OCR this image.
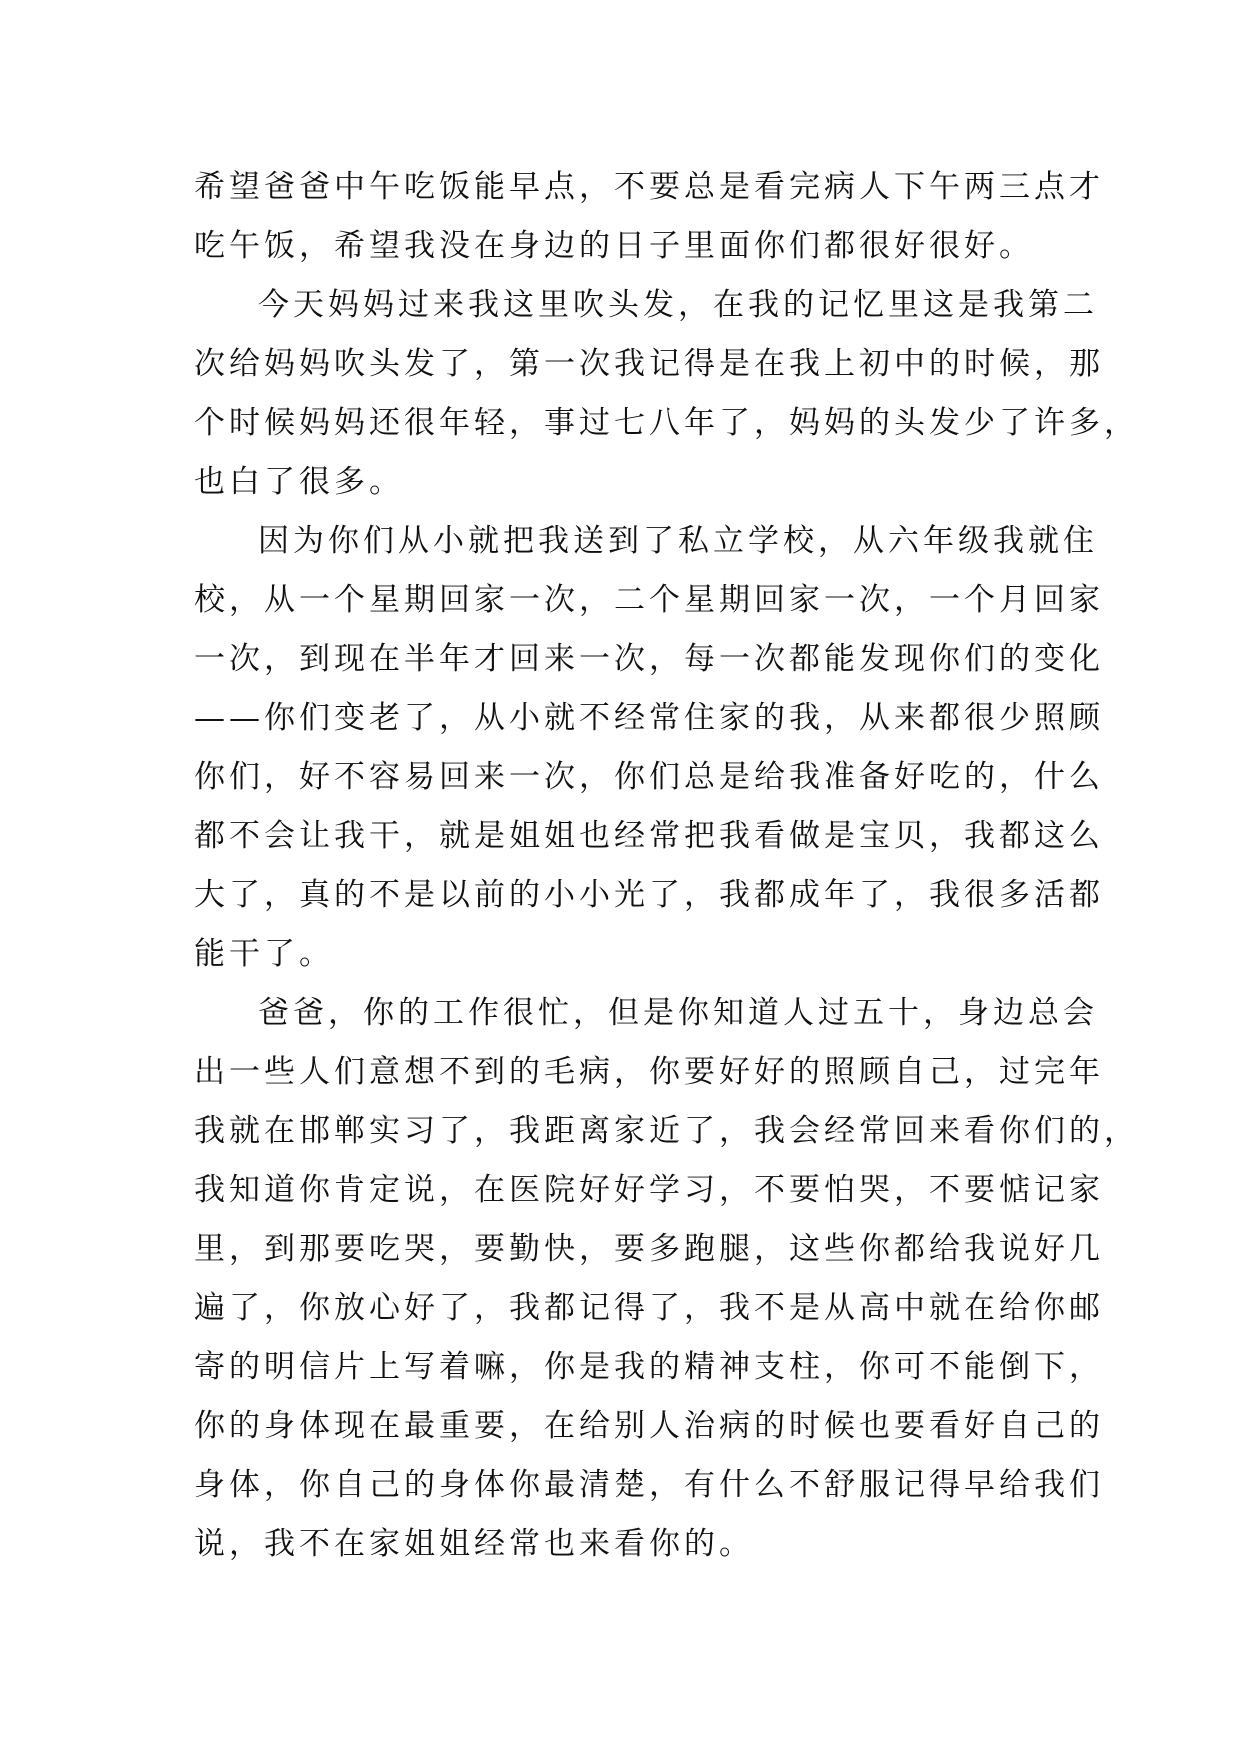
希望爸爸中午吃饭能早点，不要总是看完病人下午两三点才
吃午饭，希望我没在身边的日子里面你们都很好很好。
今天妈妈过来我这里吹头发，在我的记忆里这是我第二
次给妈妈吹头发了，第一次我记得是在我上初中的时候，那
个时候妈妈还很年轻，事过七八年了，妈妈的头发少了许多，
也白了很多。
因为你们从小就把我送到了私立学校，从六年级我就住
校，从一个星期回家一次，二个星期回家一次，一个月回家
一次，到现在半年才回来一次，每一次都能发现你们的变化
——你们变老了，从小就不经常住家的我，从来都很少照顾
你们，好不容易回来一次，你们总是给我准备好吃的，什么
都不会让我干，就是姐姐也经常把我看做是宝贝，我都这么
大了，真的不是以前的小小光了，我都成年了，我很多活都
能干了。
爸爸，你的工作很忙，但是你知道人过五十，身边总会
出一些人们意想不到的毛病，你要好好的照顾自己，过完年
我就在邯郸实习了，我距离家近了，我会经常回来看你们的，
我知道你肯定说，在医院好好学习，不要怕哭，不要惦记家
里，到那要吃哭，要勤快，要多跑腿，这些你都给我说好几
遍了，你放心好了，我都记得了，我不是从高中就在给你邮
寄的明信片上写着嘛，你是我的精神支柱，你可不能倒下，
你的身体现在最重要，在给别人治病的时候也要看好自己的
身体，你自己的身体你最清楚，有什么不舒服记得早给我们
说，我不在家姐姐经常也来看你的。
